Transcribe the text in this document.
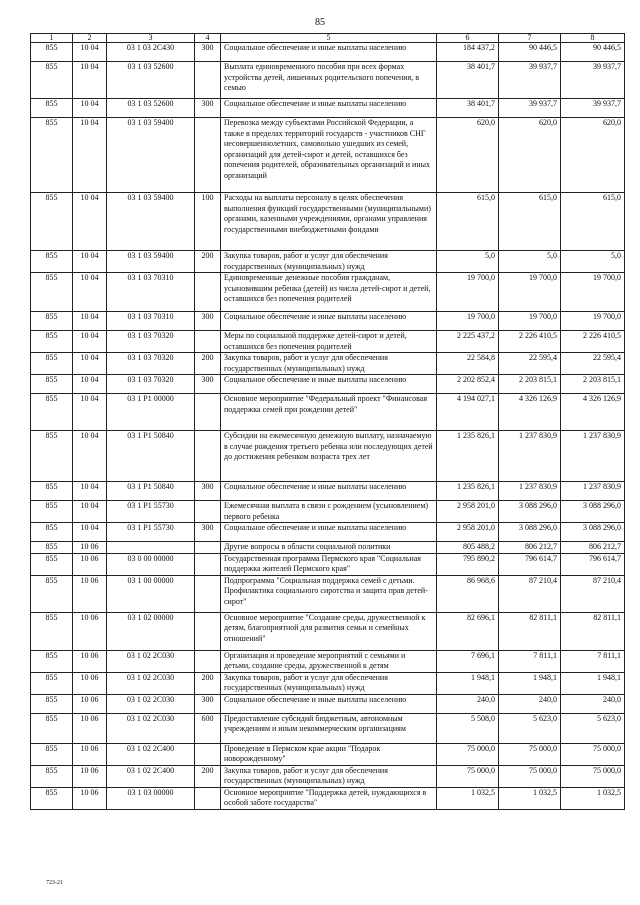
85
1	2	3	4	5	6	7	8
855	10 04	03 1 03 2С430	300	Социальное обеспечение и иные выплаты населению	184 437,2	90 446,5	90 446,5
855	10 04	03 1 03 52600		Выплата единовременного пособия при всех формах устройства детей, лишенных родительского попечения, в семью	38 401,7	39 937,7	39 937,7
855	10 04	03 1 03 52600	300	Социальное обеспечение и иные выплаты населению	38 401,7	39 937,7	39 937,7
855	10 04	03 1 03 59400		Перевозка между субъектами Российской Федерации, а также в пределах территорий государств - участников СНГ несовершеннолетних, самовольно ушедших из семей, организаций для детей-сирот и детей, оставшихся без попечения родителей, образовательных организаций и иных организаций	620,0	620,0	620,0
855	10 04	03 1 03 59400	100	Расходы на выплаты персоналу в целях обеспечения выполнения функций государственными (муниципальными) органами, казенными учреждениями, органами управления государственными внебюджетными фондами	615,0	615,0	615,0
855	10 04	03 1 03 59400	200	Закупка товаров, работ и услуг для обеспечения государственных (муниципальных) нужд	5,0	5,0	5,0
855	10 04	03 1 03 70310		Единовременные денежные пособия гражданам, усыновившим ребенка (детей) из числа детей-сирот и детей, оставшихся без попечения родителей	19 700,0	19 700,0	19 700,0
855	10 04	03 1 03 70310	300	Социальное обеспечение и иные выплаты населению	19 700,0	19 700,0	19 700,0
855	10 04	03 1 03 70320		Меры по социальной поддержке детей-сирот и детей, оставшихся без попечения родителей	2 225 437,2	2 226 410,5	2 226 410,5
855	10 04	03 1 03 70320	200	Закупка товаров, работ и услуг для обеспечения государственных (муниципальных) нужд	22 584,8	22 595,4	22 595,4
855	10 04	03 1 03 70320	300	Социальное обеспечение и иные выплаты населению	2 202 852,4	2 203 815,1	2 203 815,1
855	10 04	03 1 Р1 00000		Основное мероприятие "Федеральный проект "Финансовая поддержка семей при рождении детей"	4 194 027,1	4 326 126,9	4 326 126,9
855	10 04	03 1 Р1 50840		Субсидии на ежемесячную денежную выплату, назначаемую в случае рождения третьего ребенка или последующих детей до достижения ребенком возраста трех лет	1 235 826,1	1 237 830,9	1 237 830,9
855	10 04	03 1 Р1 50840	300	Социальное обеспечение и иные выплаты населению	1 235 826,1	1 237 830,9	1 237 830,9
855	10 04	03 1 Р1 55730		Ежемесячная выплата в связи с рождением (усыновлением) первого ребенка	2 958 201,0	3 088 296,0	3 088 296,0
855	10 04	03 1 Р1 55730	300	Социальное обеспечение и иные выплаты населению	2 958 201,0	3 088 296,0	3 088 296,0
855	10 06			Другие вопросы в области социальной политики	805 488,2	806 212,7	806 212,7
855	10 06	03 0 00 00000		Государственная программа Пермского края "Социальная поддержка жителей Пермского края"	795 890,2	796 614,7	796 614,7
855	10 06	03 1 00 00000		Подпрограмма "Социальная поддержка семей с детьми. Профилактика социального сиротства и защита прав детей-сирот"	86 968,6	87 210,4	87 210,4
855	10 06	03 1 02 00000		Основное мероприятие "Создание среды, дружественной к детям, благоприятной для развития семьи и семейных отношений"	82 696,1	82 811,1	82 811,1
855	10 06	03 1 02 2С030		Организация и проведение мероприятий с семьями и детьми, создание среды, дружественной к детям	7 696,1	7 811,1	7 811,1
855	10 06	03 1 02 2С030	200	Закупка товаров, работ и услуг для обеспечения государственных (муниципальных) нужд	1 948,1	1 948,1	1 948,1
855	10 06	03 1 02 2С030	300	Социальное обеспечение и иные выплаты населению	240,0	240,0	240,0
855	10 06	03 1 02 2С030	600	Предоставление субсидий бюджетным, автономным учреждениям и иным некоммерческим организациям	5 508,0	5 623,0	5 623,0
855	10 06	03 1 02 2С400		Проведение в Пермском крае акции "Подарок новорожденному"	75 000,0	75 000,0	75 000,0
855	10 06	03 1 02 2С400	200	Закупка товаров, работ и услуг для обеспечения государственных (муниципальных) нужд	75 000,0	75 000,0	75 000,0
855	10 06	03 1 03 00000		Основное мероприятие "Поддержка детей, нуждающихся в особой заботе государства"	1 032,5	1 032,5	1 032,5
723-21
